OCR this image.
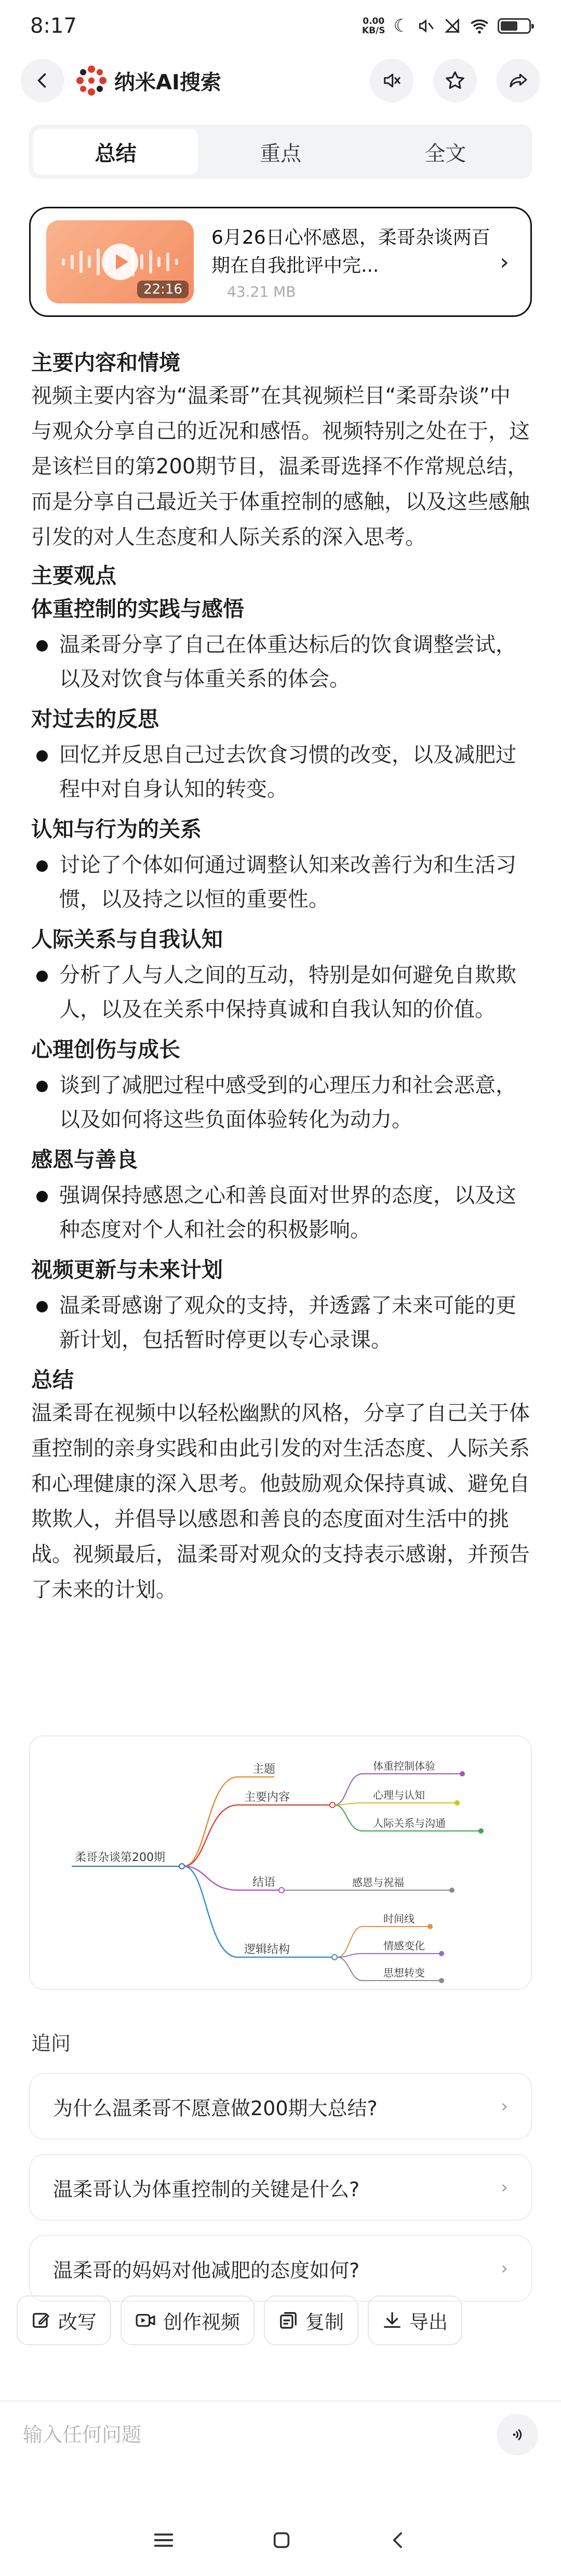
8:17	0.00
KB/S ☾
纳米AI搜索
总结	重点	全文
22:16
6月26日心怀感恩，柔哥杂谈两百期在自我批评中完...
43.21 MB
›
主要内容和情境
视频主要内容为“温柔哥”在其视频栏目“柔哥杂谈”中与观众分享自己的近况和感悟。视频特别之处在于，这是该栏目的第200期节目，温柔哥选择不作常规总结，而是分享自己最近关于体重控制的感触，以及这些感触引发的对人生态度和人际关系的深入思考。
主要观点
体重控制的实践与感悟
温柔哥分享了自己在体重达标后的饮食调整尝试，以及对饮食与体重关系的体会。
对过去的反思
回忆并反思自己过去饮食习惯的改变，以及减肥过程中对自身认知的转变。
认知与行为的关系
讨论了个体如何通过调整认知来改善行为和生活习惯，以及持之以恒的重要性。
人际关系与自我认知
分析了人与人之间的互动，特别是如何避免自欺欺人，以及在关系中保持真诚和自我认知的价值。
心理创伤与成长
谈到了减肥过程中感受到的心理压力和社会恶意，以及如何将这些负面体验转化为动力。
感恩与善良
强调保持感恩之心和善良面对世界的态度，以及这种态度对个人和社会的积极影响。
视频更新与未来计划
温柔哥感谢了观众的支持，并透露了未来可能的更新计划，包括暂时停更以专心录课。
总结
温柔哥在视频中以轻松幽默的风格，分享了自己关于体重控制的亲身实践和由此引发的对生活态度、人际关系和心理健康的深入思考。他鼓励观众保持真诚、避免自欺欺人，并倡导以感恩和善良的态度面对生活中的挑战。视频最后，温柔哥对观众的支持表示感谢，并预告了未来的计划。
柔哥杂谈第200期
主题
主要内容
结语
逻辑结构
体重控制体验
心理与认知
人际关系与沟通
感恩与祝福
时间线
情感变化
思想转变
追问
为什么温柔哥不愿意做200期大总结?	›
温柔哥认为体重控制的关键是什么?	›
温柔哥的妈妈对他减肥的态度如何?	›
改写	创作视频	复制	导出
输入任何问题
